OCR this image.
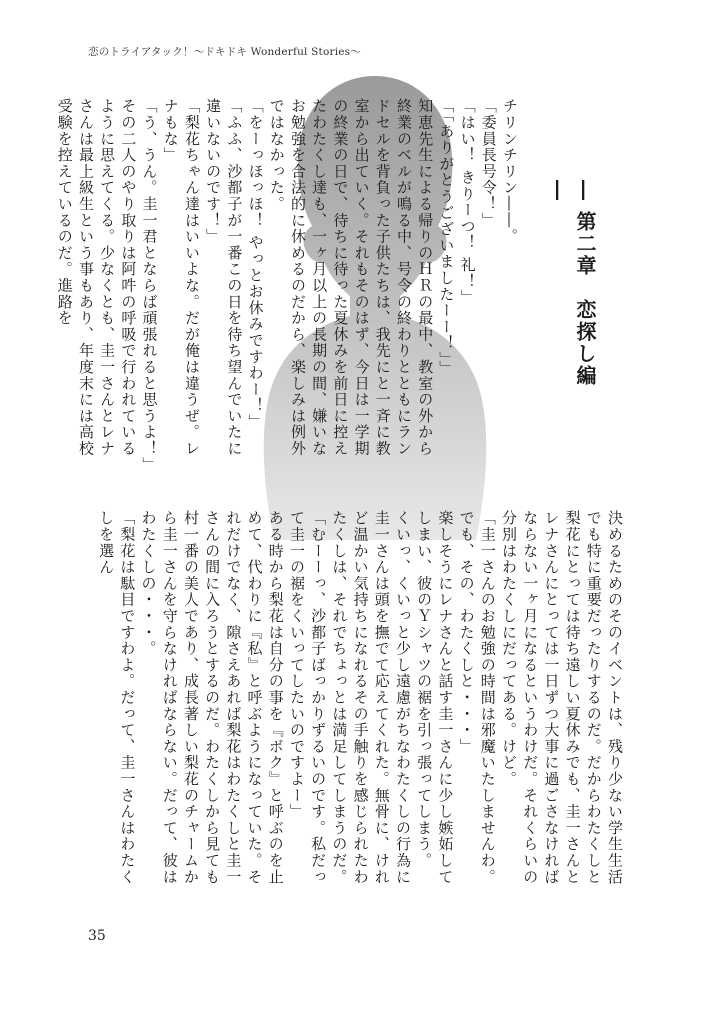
恋のトライアタック！〜ドキドキ Wonderful Stories〜
― 第二章　恋探し編 ―

チリンチリン――。

「委員長号令！」

「はい！ きりーつ！ 礼！」

「「ありがとうございましたーー！」」

知恵先生による帰りのＨＲの最中、教室の外から終業のベルが鳴る中、号令の終わりとともにランドセルを背負った子供たちは、我先にと一斉に教室から出ていく。それもそのはず、今日は一学期の終業の日で、待ちに待った夏休みを前日に控えたわたくし達も、一ヶ月以上の長期の間、嫌いなお勉強を合法的に休めるのだから、楽しみは例外ではなかった。

「をーっほっほ！ やっとお休みですわー！」

「ふふ、沙都子が一番この日を待ち望んでいたに違いないのです！」

「梨花ちゃん達はいいよな。だが俺は違うぜ。レナもな」

「う、うん。圭一君とならば頑張れると思うよ！」

その二人のやり取りは阿吽の呼吸で行われているように思えてくる。少なくとも、圭一さんとレナさんは最上級生という事もあり、年度末には高校受験を控えているのだ。進路を

決めるためのそのイベントは、残り少ない学生生活でも特に重要だったりするのだ。だからわたくしと梨花にとっては待ち遠しい夏休みでも、圭一さんとレナさんにとっては一日ずつ大事に過ごさなければならない一ヶ月になるというわけだ。それくらいの分別はわたくしにだってある。けど。

「圭一さんのお勉強の時間は邪魔いたしませんわ。でも、その、わたくしと・・・」

楽しそうにレナさんと話す圭一さんに少し嫉妬してしまい、彼のＹシャツの裾を引っ張ってしまう。

くいっ、くいっと少し遠慮がちなわたくしの行為に圭一さんは頭を撫でて応えてくれた。無骨に、けれど温かい気持ちになれるその手触りを感じられたわたくしは、それでちょっとは満足してしまうのだ。

「むーーっ、沙都子ばっかりずるいのです。私だって圭一の裾をくいってしたいのですよー」

ある時から梨花は自分の事を『ボク』と呼ぶのを止めて、代わりに『私』と呼ぶようになっていた。それだけでなく、隙さえあれば梨花はわたくしと圭一さんの間に入ろうとするのだ。わたくしから見ても村一番の美人であり、成長著しい梨花のチャームから圭一さんを守らなければならない。だって、彼はわたくしの・・・。

「梨花は駄目ですわよ。だって、圭一さんはわたくしを選ん

35
